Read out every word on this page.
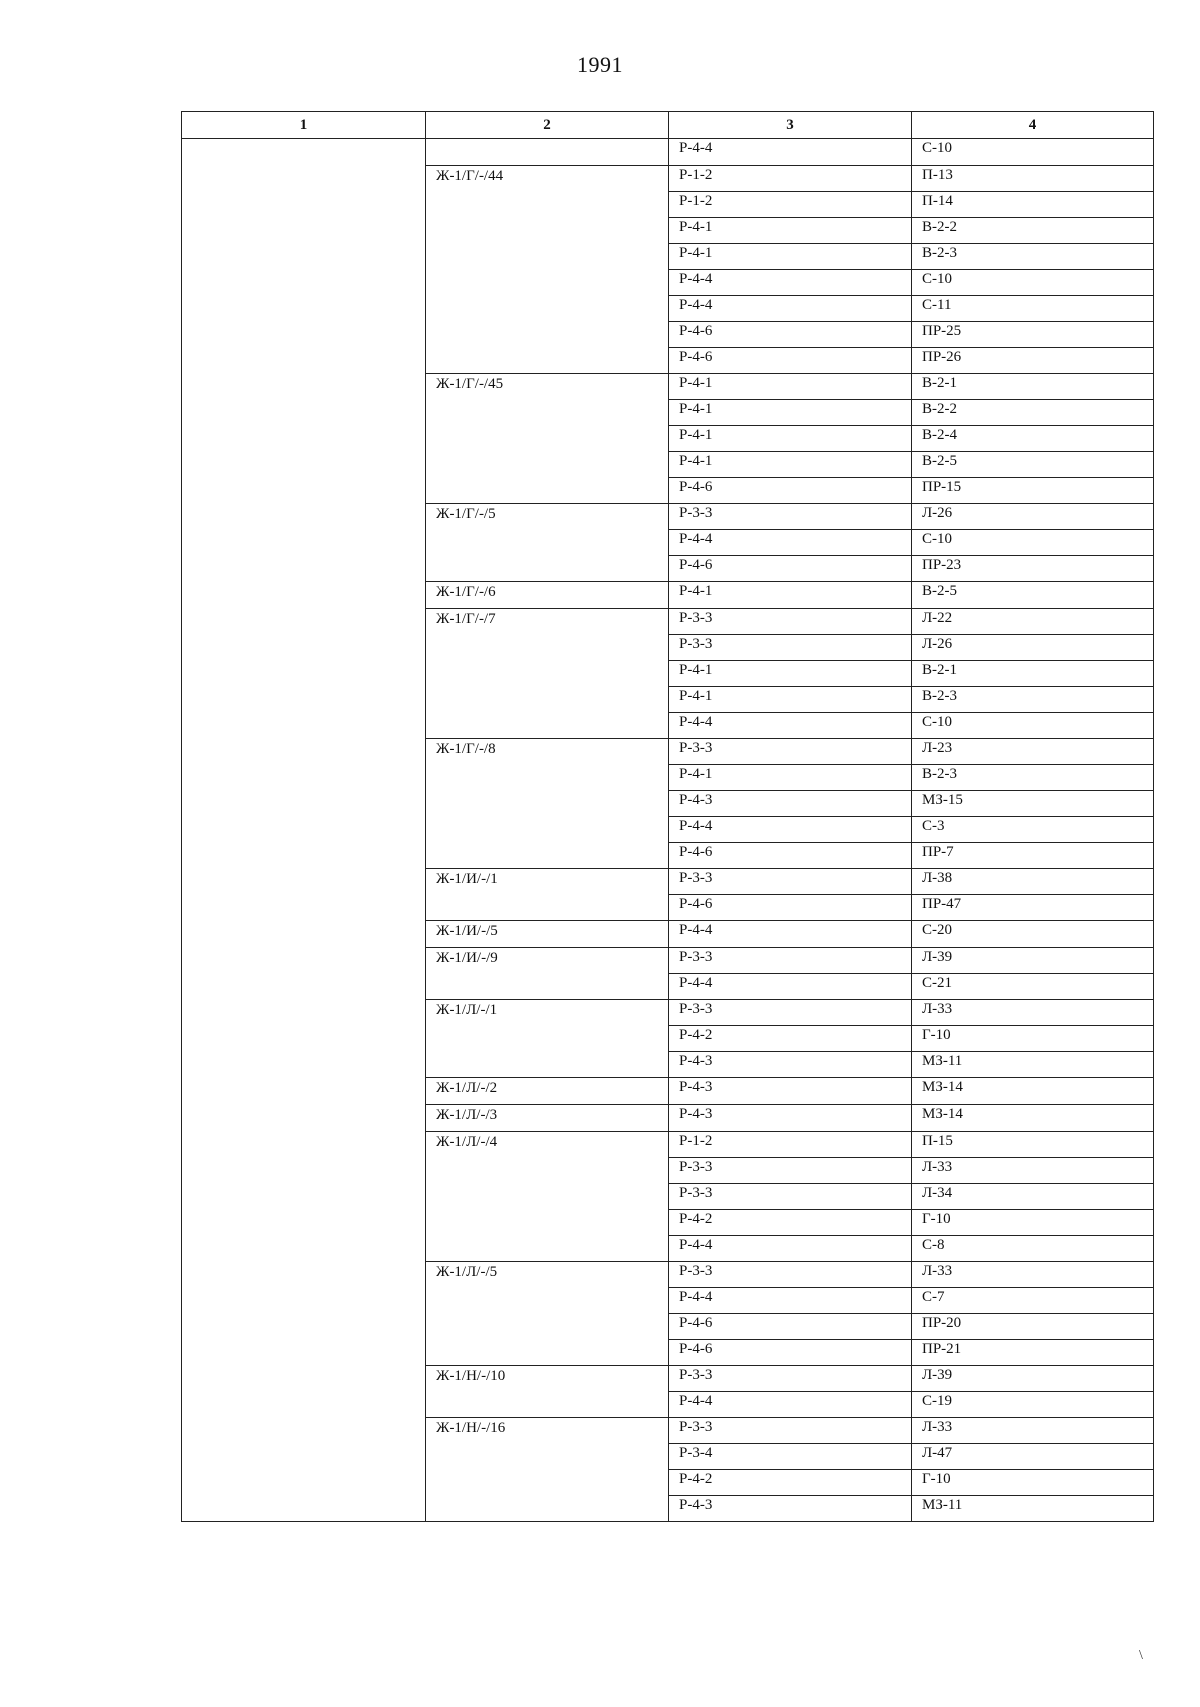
1991
1	2	3	4
		Р-4-4	С-10
	Ж-1/Г/-/44	Р-1-2	П-13
		Р-1-2	П-14
		Р-4-1	В-2-2
		Р-4-1	В-2-3
		Р-4-4	С-10
		Р-4-4	С-11
		Р-4-6	ПР-25
		Р-4-6	ПР-26
	Ж-1/Г/-/45	Р-4-1	В-2-1
		Р-4-1	В-2-2
		Р-4-1	В-2-4
		Р-4-1	В-2-5
		Р-4-6	ПР-15
	Ж-1/Г/-/5	Р-3-3	Л-26
		Р-4-4	С-10
		Р-4-6	ПР-23
	Ж-1/Г/-/6	Р-4-1	В-2-5
	Ж-1/Г/-/7	Р-3-3	Л-22
		Р-3-3	Л-26
		Р-4-1	В-2-1
		Р-4-1	В-2-3
		Р-4-4	С-10
	Ж-1/Г/-/8	Р-3-3	Л-23
		Р-4-1	В-2-3
		Р-4-3	МЗ-15
		Р-4-4	С-3
		Р-4-6	ПР-7
	Ж-1/И/-/1	Р-3-3	Л-38
		Р-4-6	ПР-47
	Ж-1/И/-/5	Р-4-4	С-20
	Ж-1/И/-/9	Р-3-3	Л-39
		Р-4-4	С-21
	Ж-1/Л/-/1	Р-3-3	Л-33
		Р-4-2	Г-10
		Р-4-3	МЗ-11
	Ж-1/Л/-/2	Р-4-3	МЗ-14
	Ж-1/Л/-/3	Р-4-3	МЗ-14
	Ж-1/Л/-/4	Р-1-2	П-15
		Р-3-3	Л-33
		Р-3-3	Л-34
		Р-4-2	Г-10
		Р-4-4	С-8
	Ж-1/Л/-/5	Р-3-3	Л-33
		Р-4-4	С-7
		Р-4-6	ПР-20
		Р-4-6	ПР-21
	Ж-1/Н/-/10	Р-3-3	Л-39
		Р-4-4	С-19
	Ж-1/Н/-/16	Р-3-3	Л-33
		Р-3-4	Л-47
		Р-4-2	Г-10
		Р-4-3	МЗ-11
\
